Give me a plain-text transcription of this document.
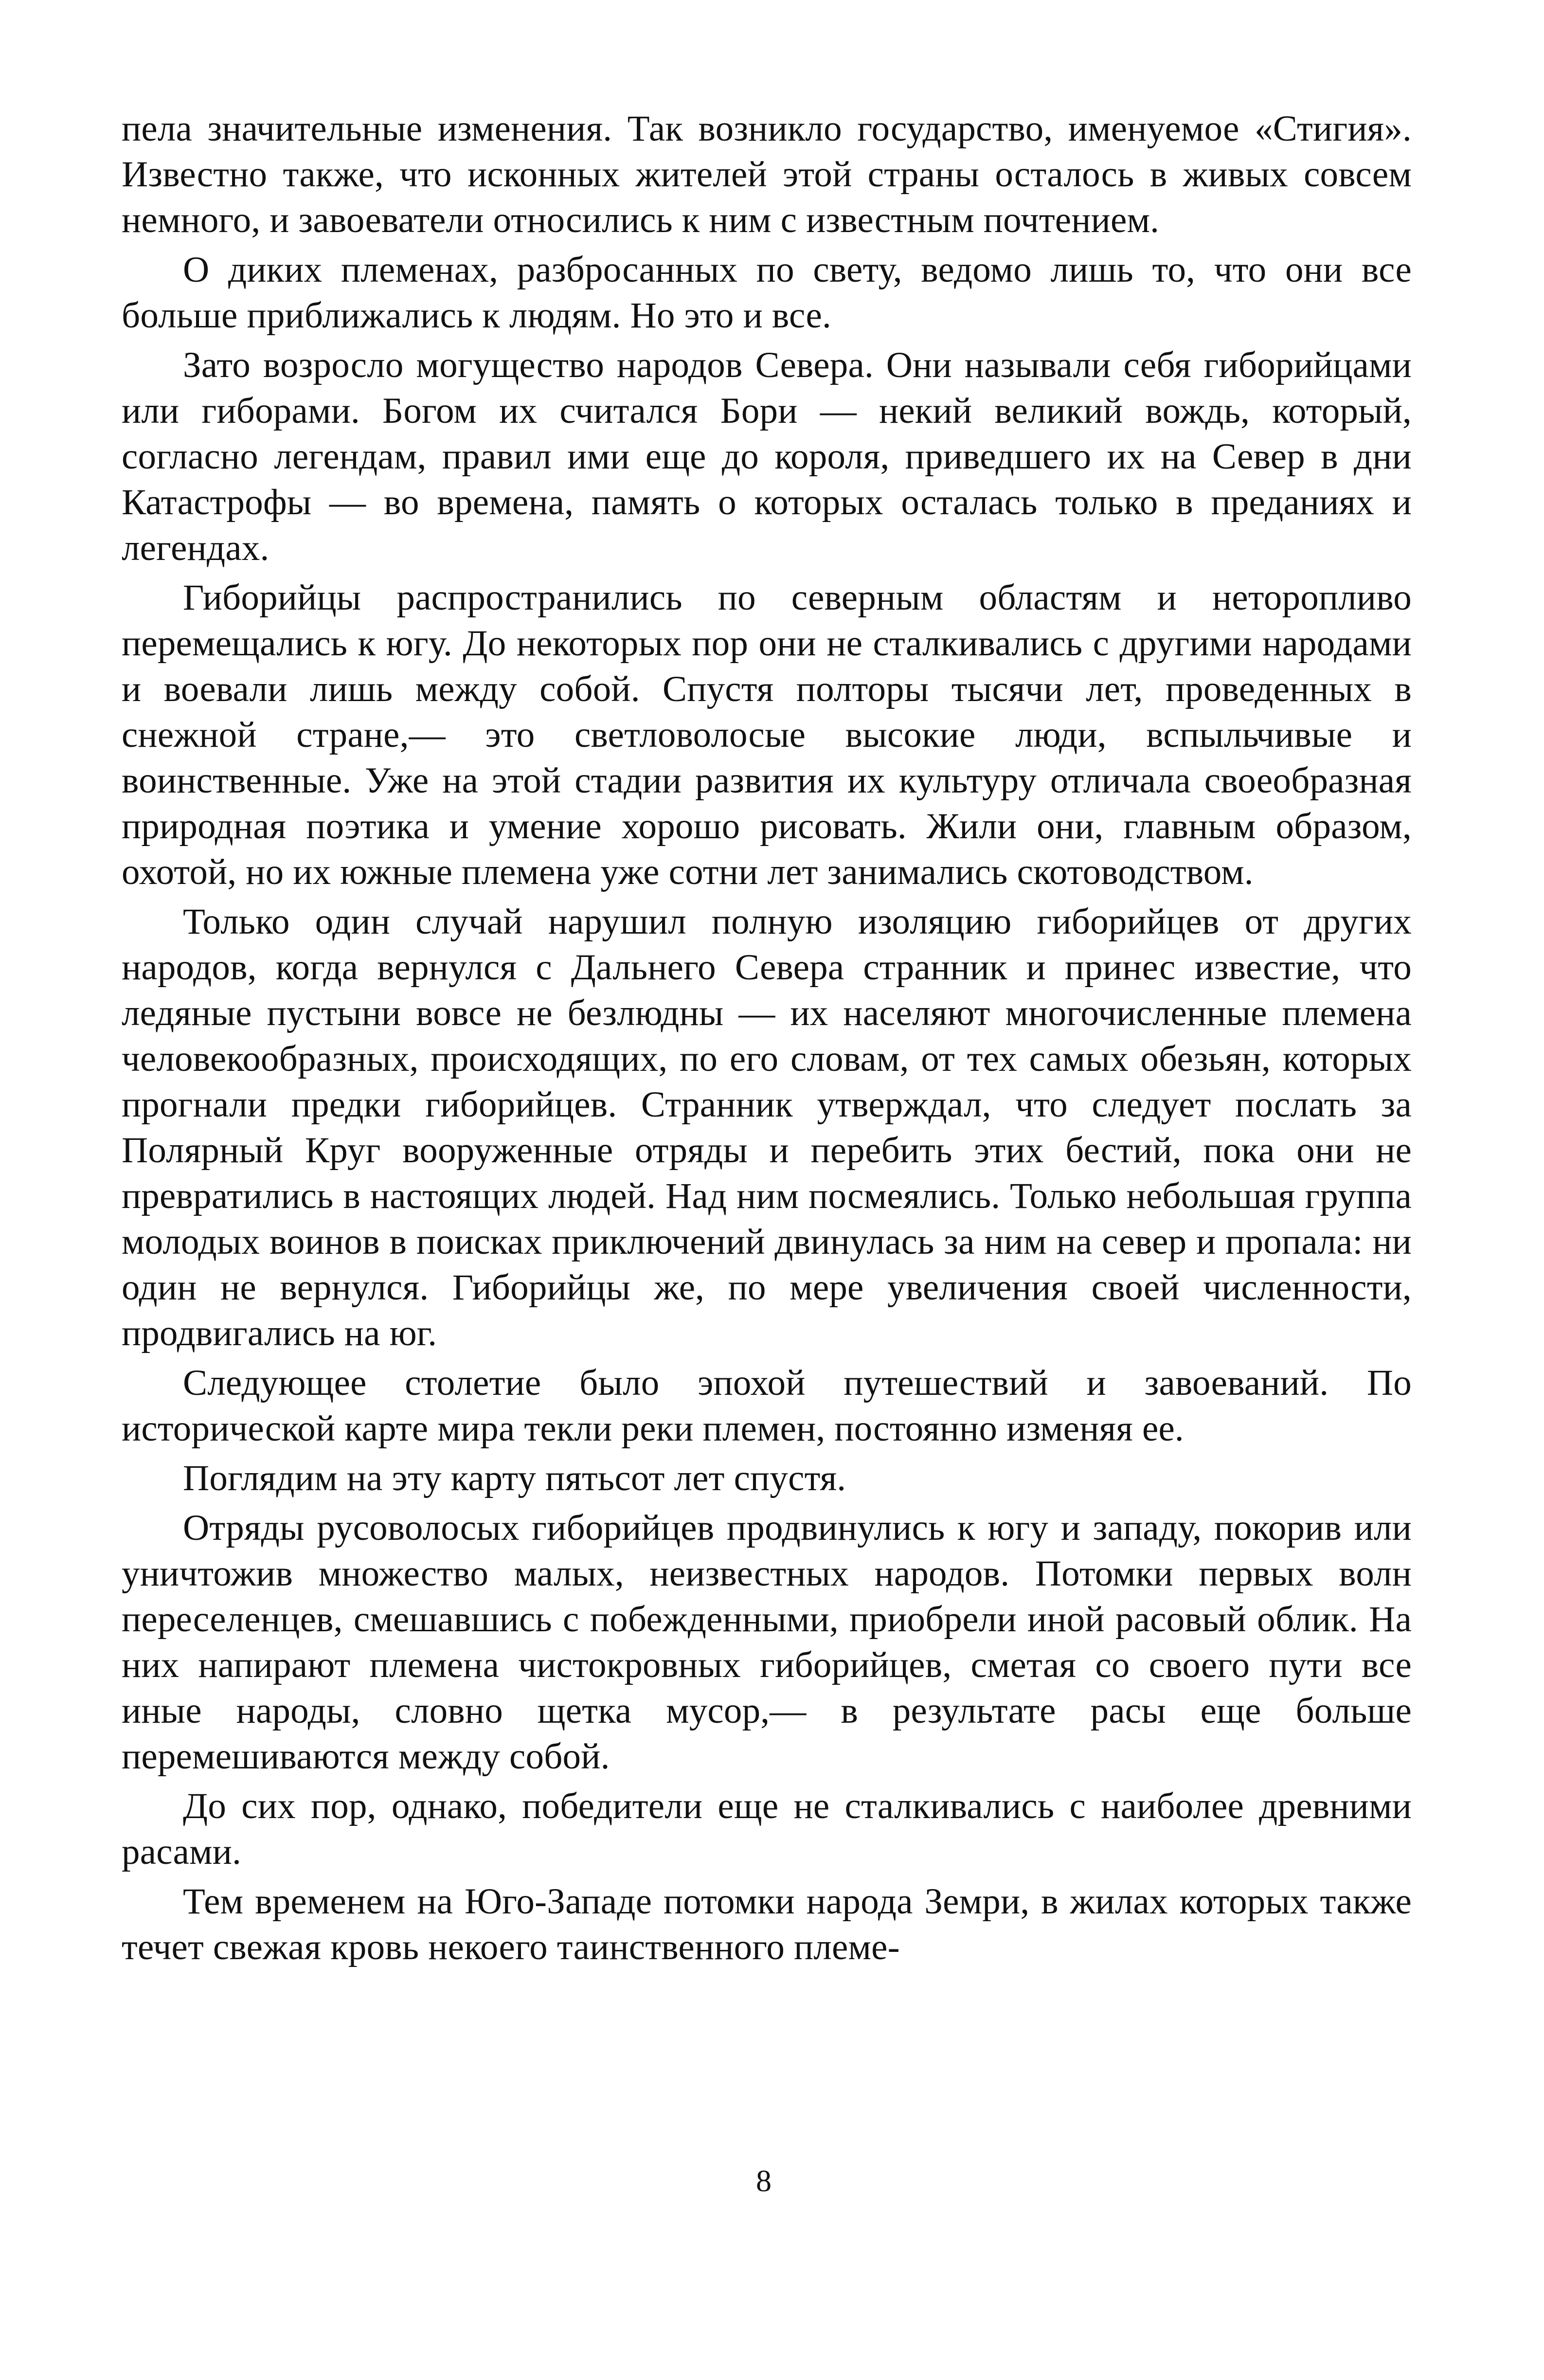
пела значительные изменения. Так возникло государство, именуемое «Стигия». Известно также, что исконных жителей этой страны осталось в живых совсем немного, и завоеватели относились к ним с известным почтением.

О диких племенах, разбросанных по свету, ведомо лишь то, что они все больше приближались к людям. Но это и все.

Зато возросло могущество народов Севера. Они называли себя гиборийцами или гиборами. Богом их считался Бори — некий великий вождь, который, согласно легендам, правил ими еще до короля, приведшего их на Север в дни Катастрофы — во времена, память о которых осталась только в преданиях и легендах.

Гиборийцы распространились по северным областям и неторопливо перемещались к югу. До некоторых пор они не сталкивались с другими народами и воевали лишь между собой. Спустя полторы тысячи лет, проведенных в снежной стране,— это светловолосые высокие люди, вспыльчивые и воинственные. Уже на этой стадии развития их культуру отличала своеобразная природная поэтика и умение хорошо рисовать. Жили они, главным образом, охотой, но их южные племена уже сотни лет занимались скотоводством.

Только один случай нарушил полную изоляцию гиборийцев от других народов, когда вернулся с Дальнего Севера странник и принес известие, что ледяные пустыни вовсе не безлюдны — их населяют многочисленные племена человекообразных, происходящих, по его словам, от тех самых обезьян, которых прогнали предки гиборийцев. Странник утверждал, что следует послать за Полярный Круг вооруженные отряды и перебить этих бестий, пока они не превратились в настоящих людей. Над ним посмеялись. Только небольшая группа молодых воинов в поисках приключений двинулась за ним на север и пропала: ни один не вернулся. Гиборийцы же, по мере увеличения своей численности, продвигались на юг.

Следующее столетие было эпохой путешествий и завоеваний. По исторической карте мира текли реки племен, постоянно изменяя ее.

Поглядим на эту карту пятьсот лет спустя.

Отряды русоволосых гиборийцев продвинулись к югу и западу, покорив или уничтожив множество малых, неизвестных народов. Потомки первых волн переселенцев, смешавшись с побежденными, приобрели иной расовый облик. На них напирают племена чистокровных гиборийцев, сметая со своего пути все иные народы, словно щетка мусор,— в результате расы еще больше перемешиваются между собой.

До сих пор, однако, победители еще не сталкивались с наиболее древними расами.

Тем временем на Юго-Западе потомки народа Земри, в жилах которых также течет свежая кровь некоего таинственного племе-

8
